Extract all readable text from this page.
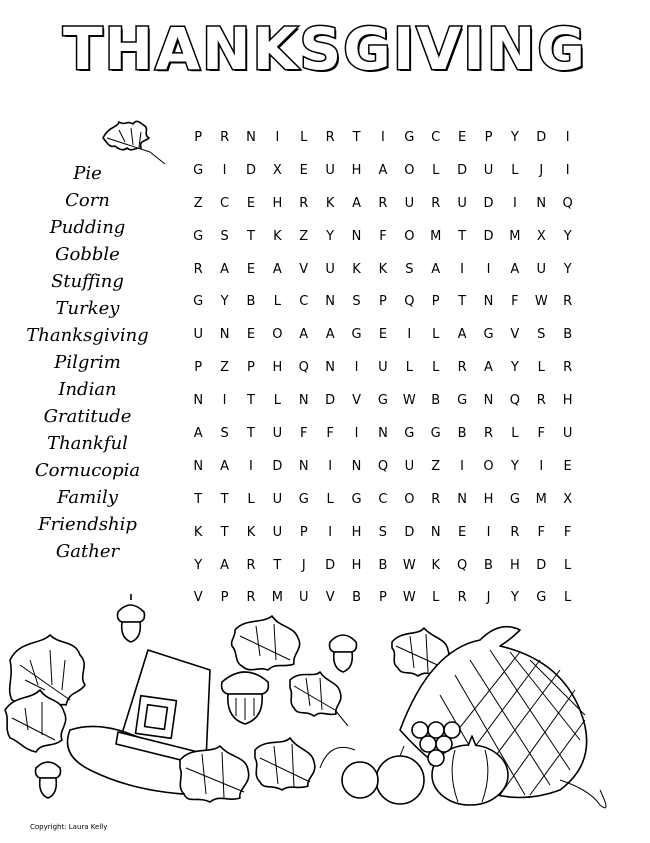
THANKSGIVING
Pie
Corn
Pudding
Gobble
Stuffing
Turkey
Thanksgiving
Pilgrim
Indian
Gratitude
Thankful
Cornucopia
Family
Friendship
Gather
P	R	N	I	L	R	T	I	G	C	E	P	Y	D	I
G	I	D	X	E	U	H	A	O	L	D	U	L	J	I
Z	C	E	H	R	K	A	R	U	R	U	D	I	N	Q
G	S	T	K	Z	Y	N	F	O	M	T	D	M	X	Y
R	A	E	A	V	U	K	K	S	A	I	I	A	U	Y
G	Y	B	L	C	N	S	P	Q	P	T	N	F	W	R
U	N	E	O	A	A	G	E	I	L	A	G	V	S	B
P	Z	P	H	Q	N	I	U	L	L	R	A	Y	L	R
N	I	T	L	N	D	V	G	W	B	G	N	Q	R	H
A	S	T	U	F	F	I	N	G	G	B	R	L	F	U
N	A	I	D	N	I	N	Q	U	Z	I	O	Y	I	E
T	T	L	U	G	L	G	C	O	R	N	H	G	M	X
K	T	K	U	P	I	H	S	D	N	E	I	R	F	F
Y	A	R	T	J	D	H	B	W	K	Q	B	H	D	L
V	P	R	M	U	V	B	P	W	L	R	J	Y	G	L
Copyright: Laura Kelly
